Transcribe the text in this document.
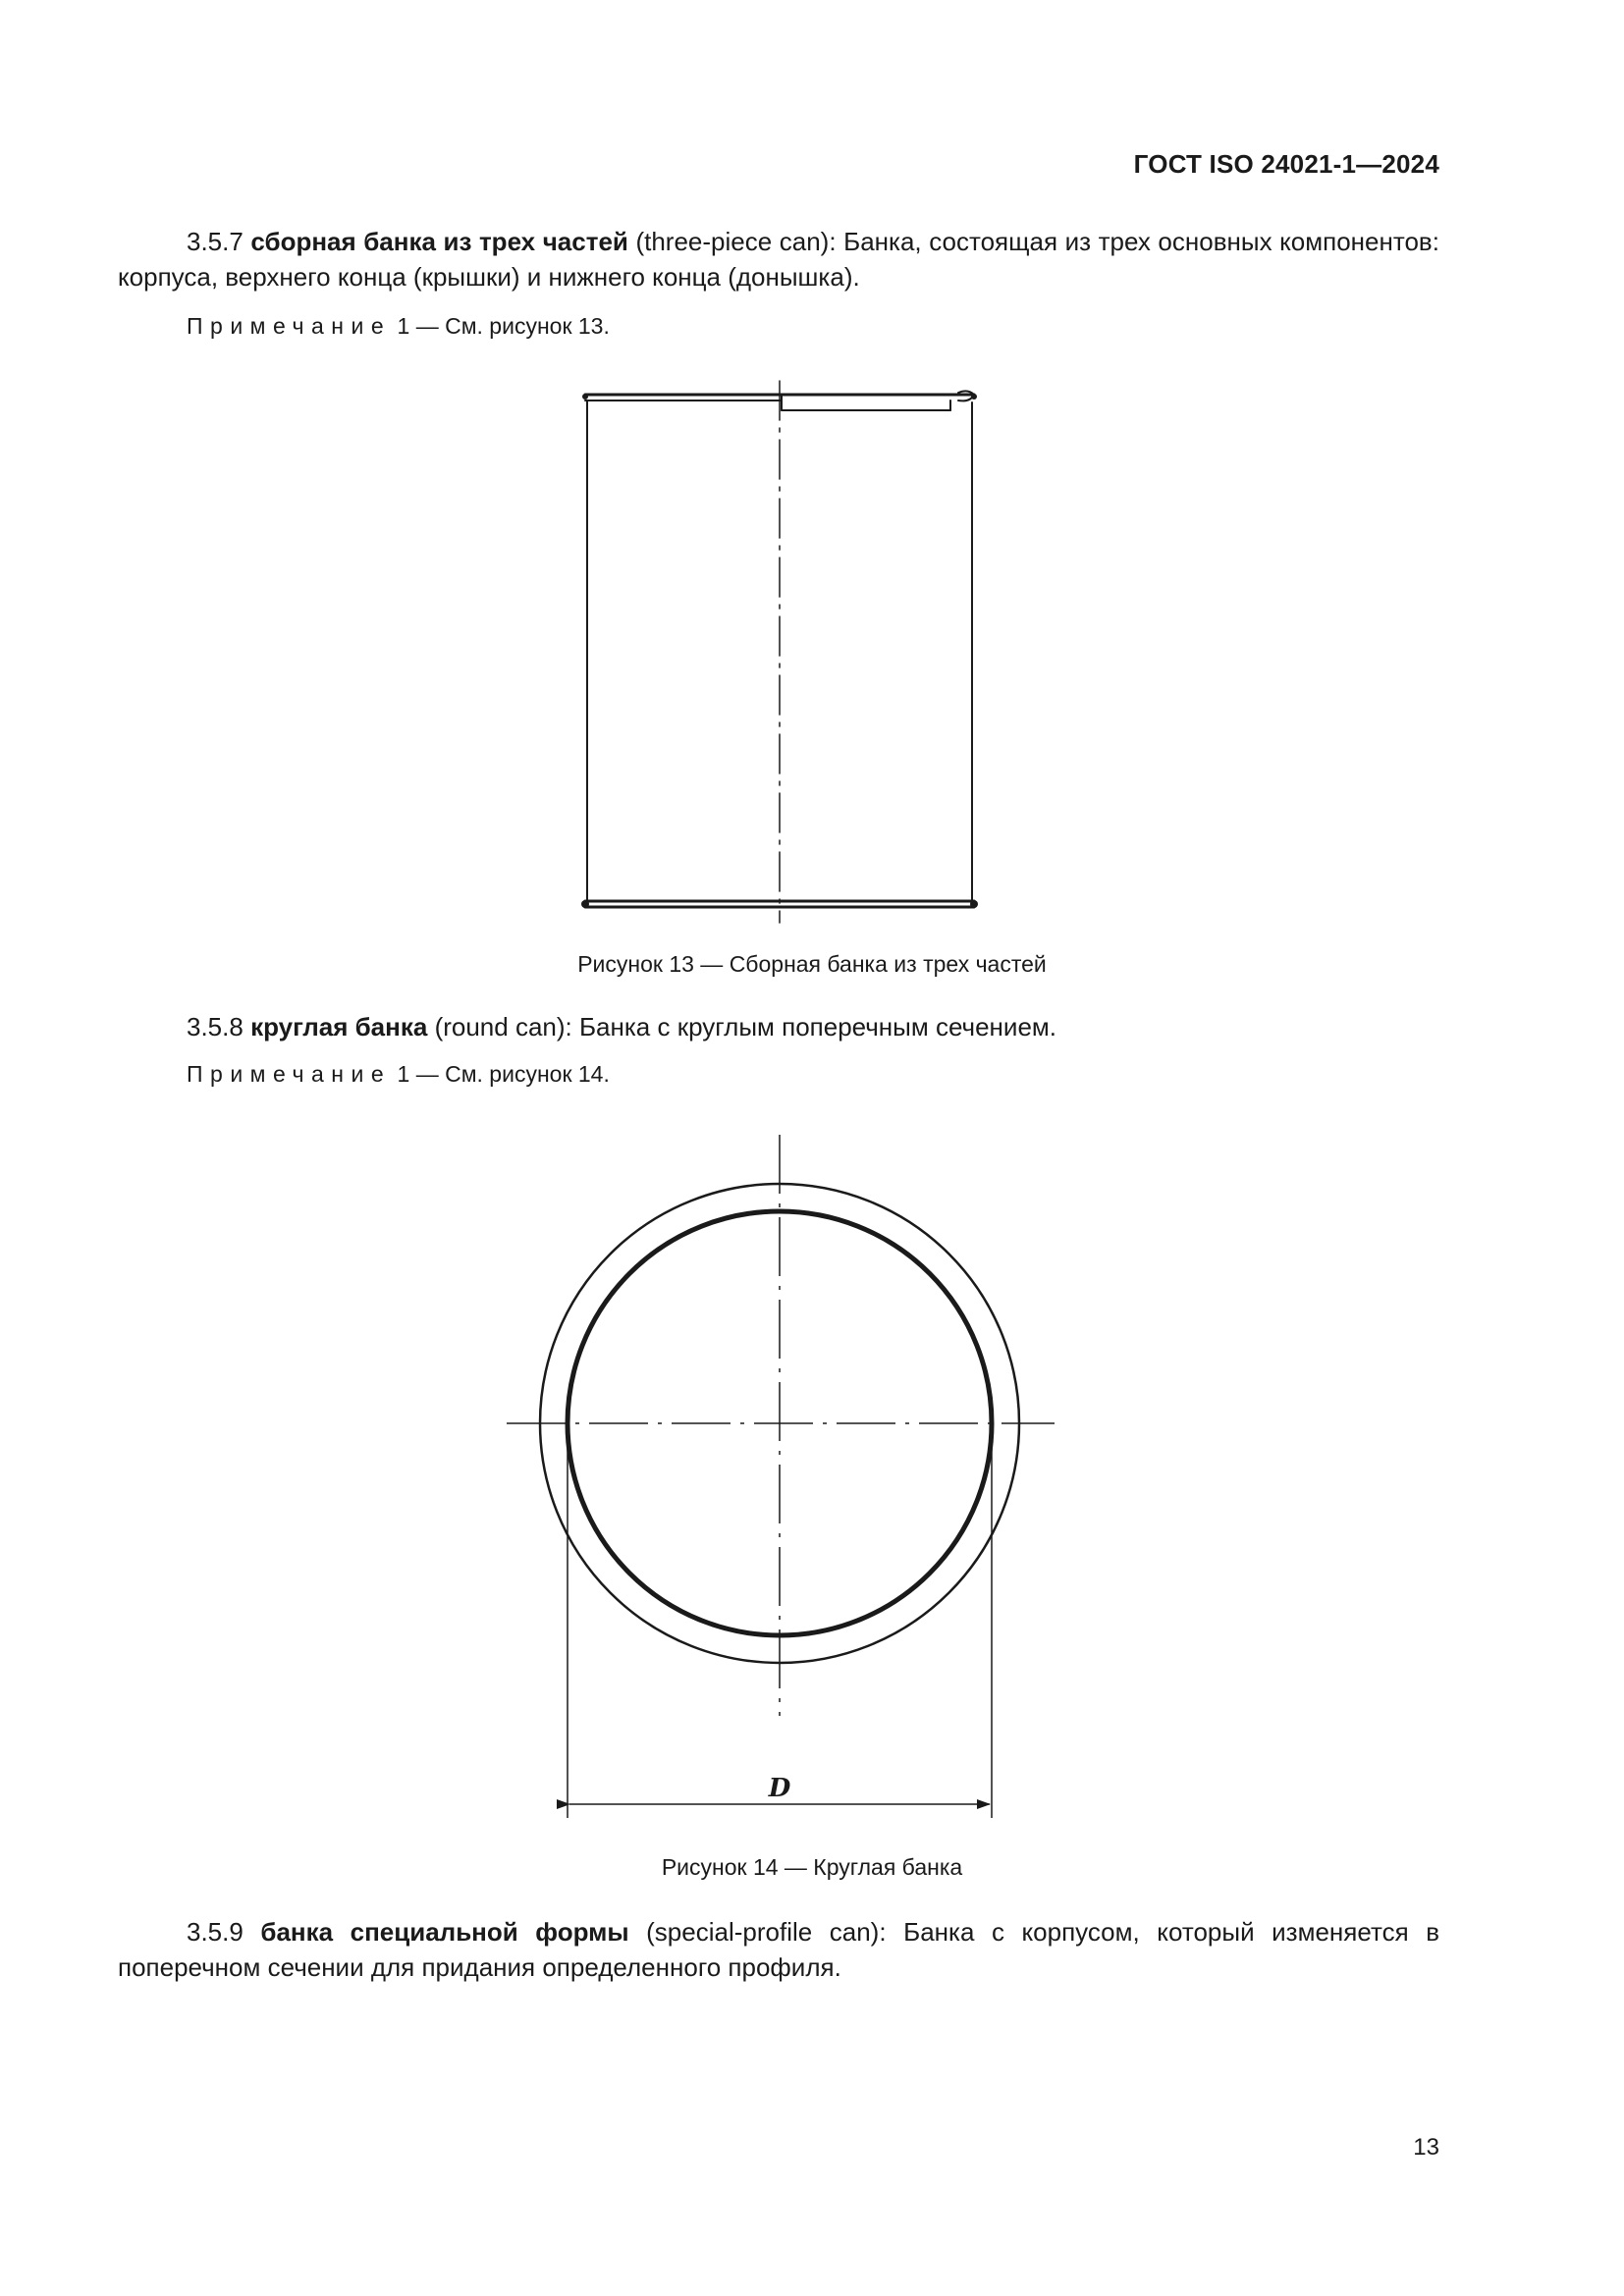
ГОСТ ISO 24021-1—2024
3.5.7 сборная банка из трех частей (three-piece can): Банка, состоящая из трех основных компонентов: корпуса, верхнего конца (крышки) и нижнего конца (донышка).
Примечание 1 — См. рисунок 13.
Рисунок 13 — Сборная банка из трех частей
3.5.8 круглая банка (round can): Банка с круглым поперечным сечением.
Примечание 1 — См. рисунок 14.
D
Рисунок 14 — Круглая банка
3.5.9 банка специальной формы (special-profile can): Банка с корпусом, который изменяется в поперечном сечении для придания определенного профиля.
13
